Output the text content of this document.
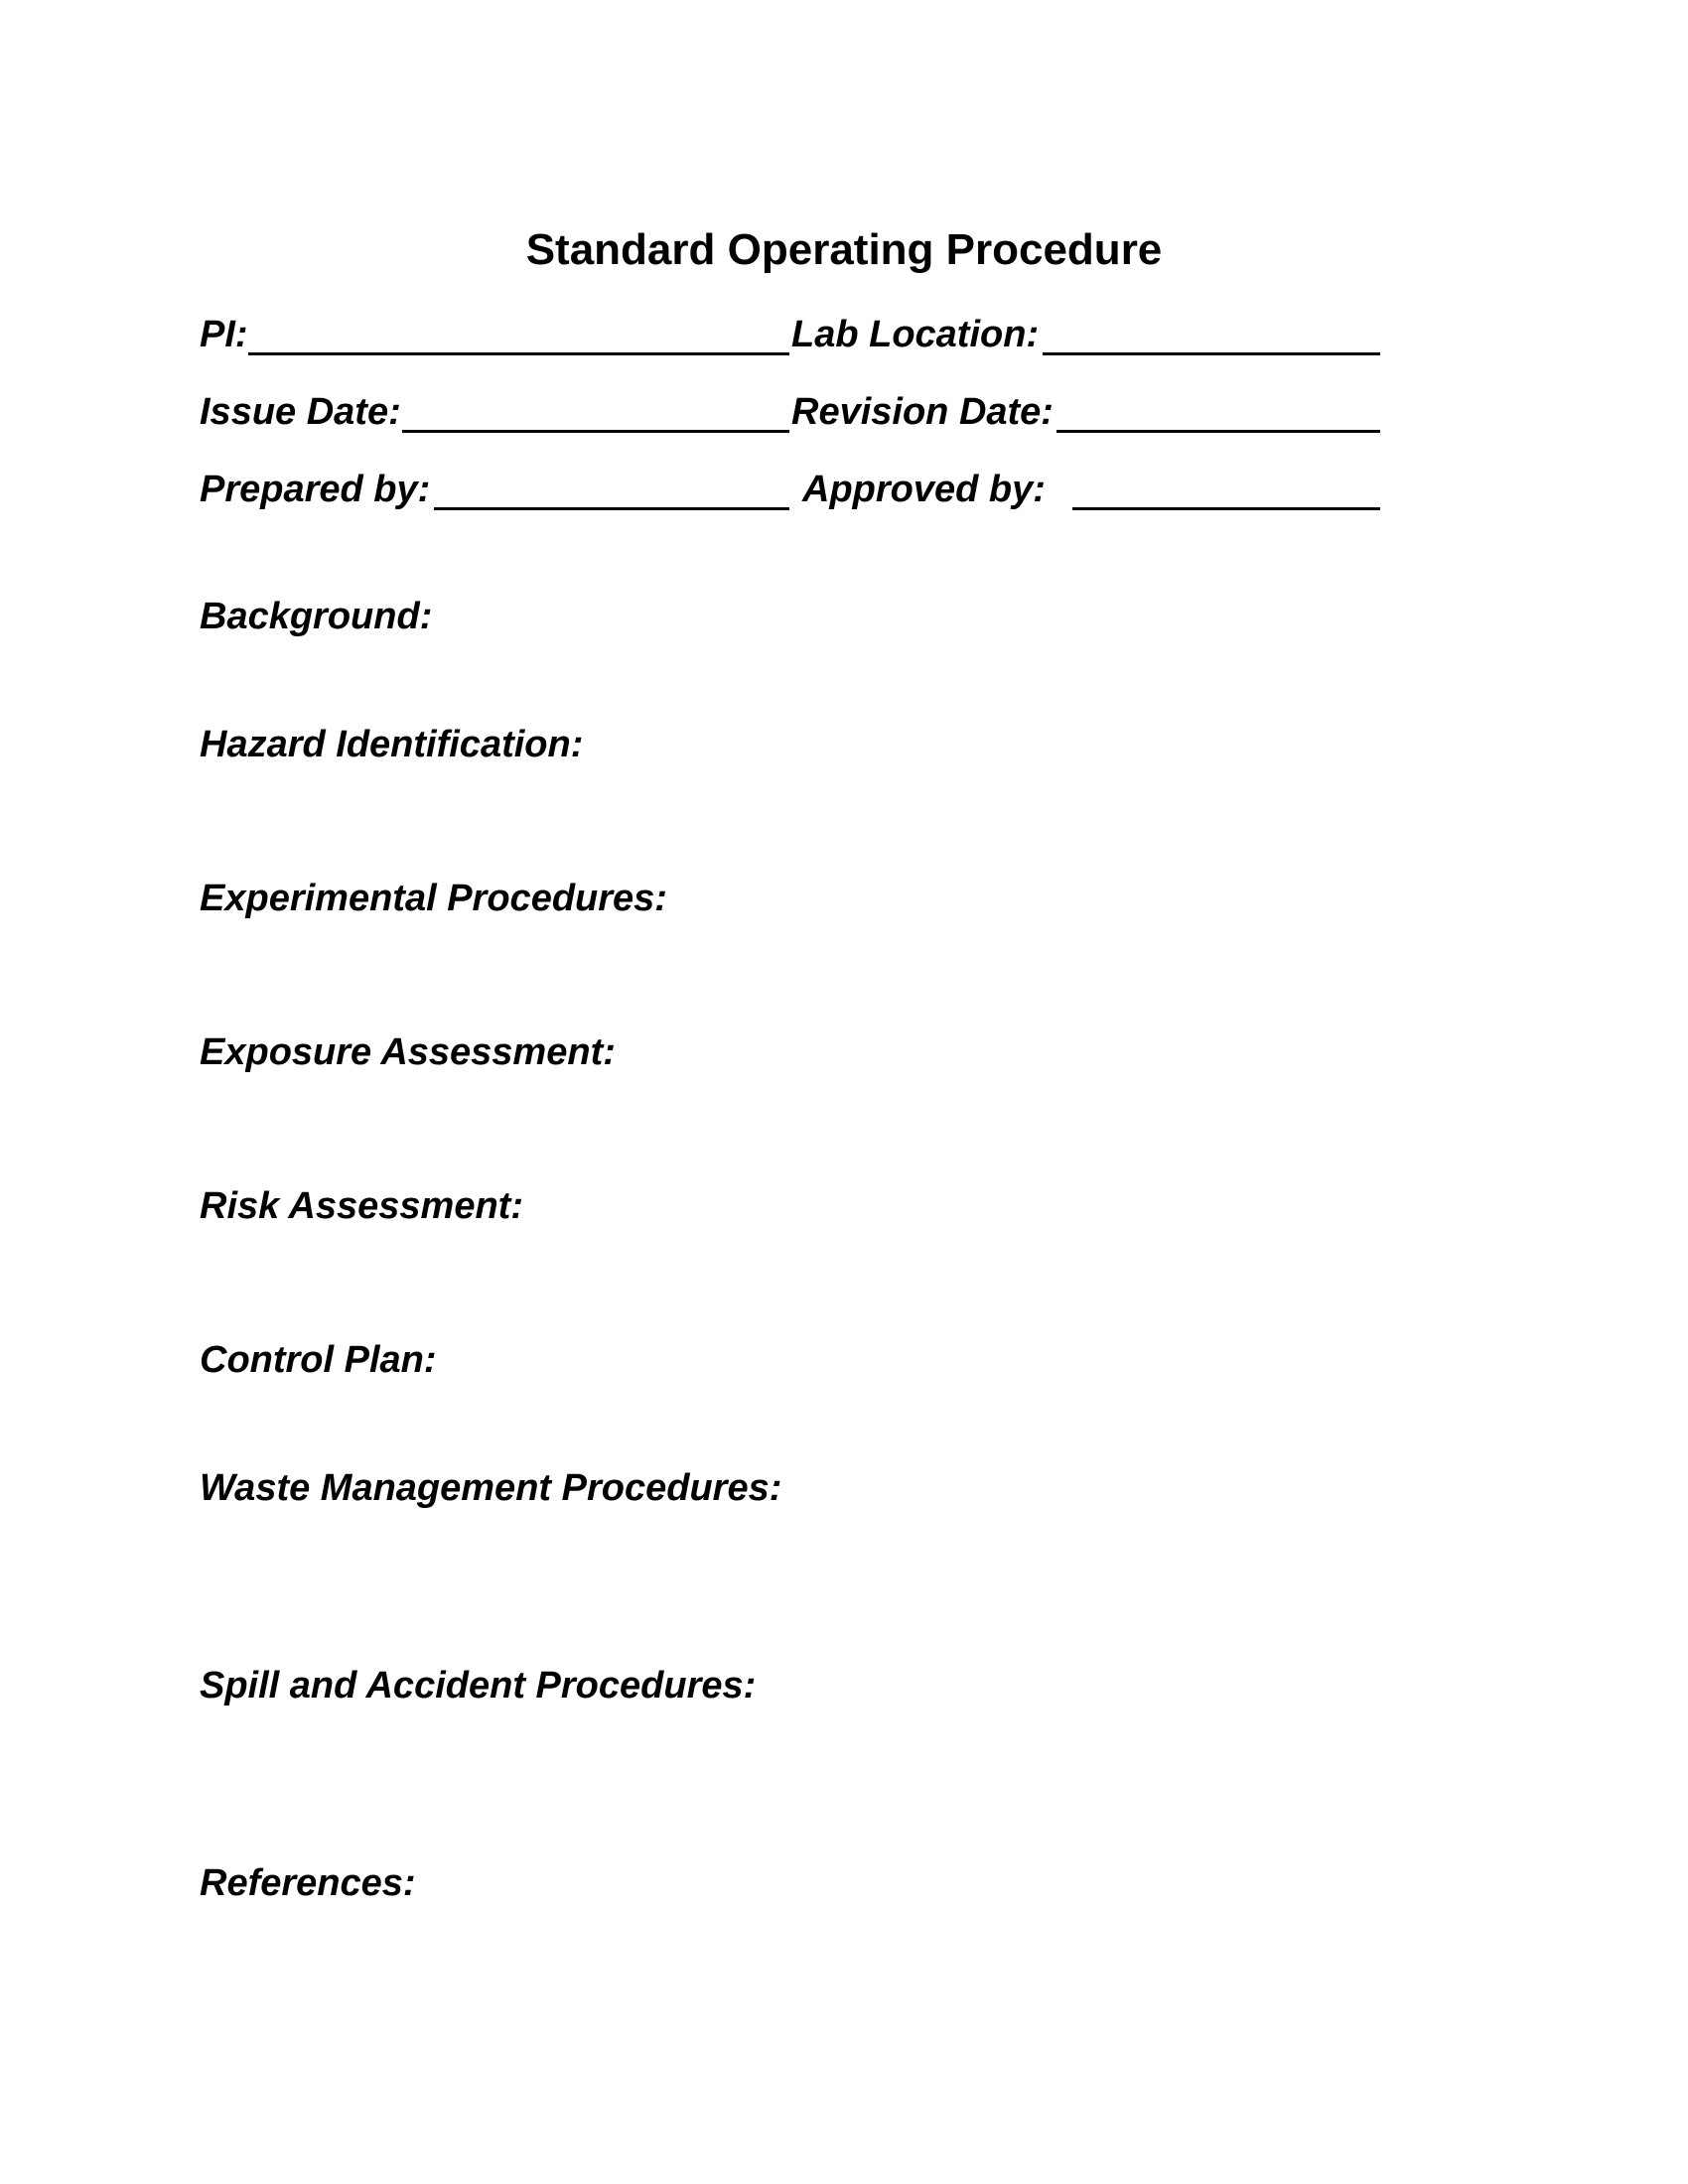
Standard Operating Procedure
PI:	Lab Location:
Issue Date:	Revision Date:
Prepared by:	Approved by:
Background:
Hazard Identification:
Experimental Procedures:
Exposure Assessment:
Risk Assessment:
Control Plan:
Waste Management Procedures:
Spill and Accident Procedures:
References:
